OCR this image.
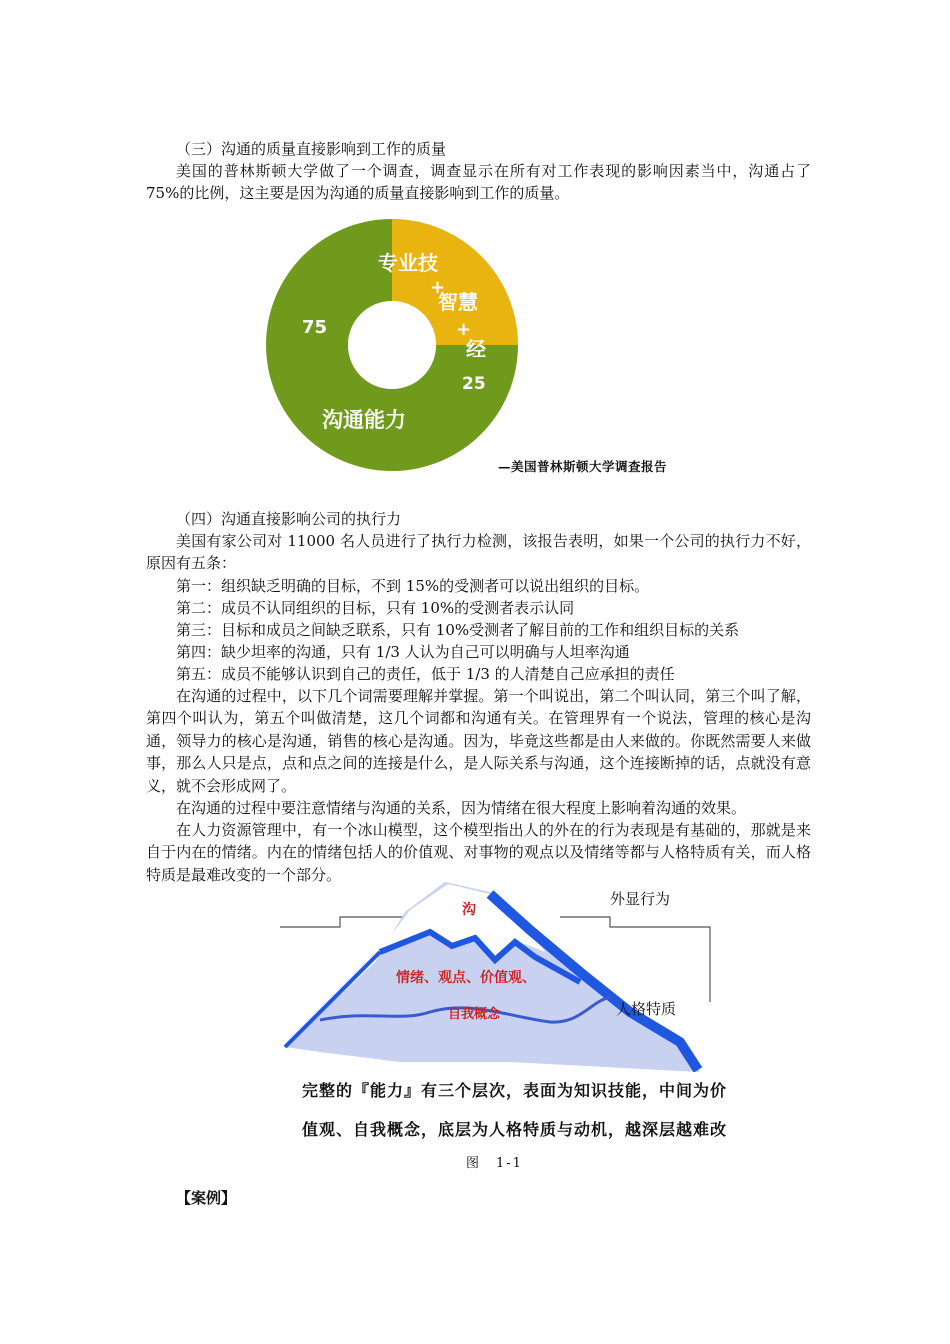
（三）沟通的质量直接影响到工作的质量
美国的普林斯顿大学做了一个调查，调查显示在所有对工作表现的影响因素当中，沟通占了 75%的比例，这主要是因为沟通的质量直接影响到工作的质量。
75
沟通能力
专业技
+
智慧
+
经
25
—美国普林斯顿大学调查报告
（四）沟通直接影响公司的执行力
美国有家公司对 11000 名人员进行了执行力检测，该报告表明，如果一个公司的执行力不好，原因有五条：
第一：组织缺乏明确的目标，不到 15%的受测者可以说出组织的目标。
第二：成员不认同组织的目标，只有 10%的受测者表示认同
第三：目标和成员之间缺乏联系，只有 10%受测者了解目前的工作和组织目标的关系
第四：缺少坦率的沟通，只有 1/3 人认为自己可以明确与人坦率沟通
第五：成员不能够认识到自己的责任，低于 1/3 的人清楚自己应承担的责任
在沟通的过程中，以下几个词需要理解并掌握。第一个叫说出，第二个叫认同，第三个叫了解，第四个叫认为，第五个叫做清楚，这几个词都和沟通有关。在管理界有一个说法，管理的核心是沟通，领导力的核心是沟通，销售的核心是沟通。因为，毕竟这些都是由人来做的。你既然需要人来做事，那么人只是点，点和点之间的连接是什么，是人际关系与沟通，这个连接断掉的话，点就没有意义，就不会形成网了。
在沟通的过程中要注意情绪与沟通的关系，因为情绪在很大程度上影响着沟通的效果。
在人力资源管理中，有一个冰山模型，这个模型指出人的外在的行为表现是有基础的，那就是来自于内在的情绪。内在的情绪包括人的价值观、对事物的观点以及情绪等都与人格特质有关，而人格特质是最难改变的一个部分。
沟
外显行为
情绪、观点、价值观、
自我概念	人格特质
完整的『能力』有三个层次，表面为知识技能，中间为价
值观、自我概念，底层为人格特质与动机，越深层越难改
图　1-1
【案例】
